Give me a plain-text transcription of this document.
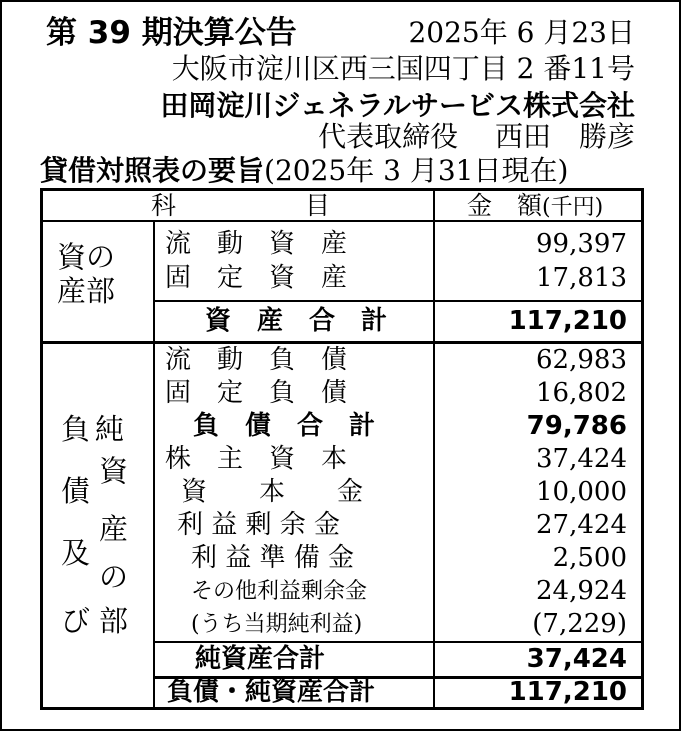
第 39 期決算公告	2025年 6 月23日
大阪市淀川区西三国四丁目 2 番11号
田岡淀川ジェネラルサービス株式会社
代表取締役　 西田　勝彦
貸借対照表の要旨(2025年 3 月31日現在)
科	目	金　額(千円)
資の
産部
流　動　資　産	99,397
固　定　資　産	17,813
資　産　合　計	117,210
負
債
及
び
純
資
産
の
部
流　動　負　債	62,983
固　定　負　債	16,802
負　債　合　計	79,786
株　主　資　本	37,424
資　　本　　金	10,000
利 益 剰 余 金	27,424
利 益 準 備 金	2,500
その他利益剰余金	24,924
(うち当期純利益)	(7,229)
純資産合計	37,424
負債・純資産合計	117,210
